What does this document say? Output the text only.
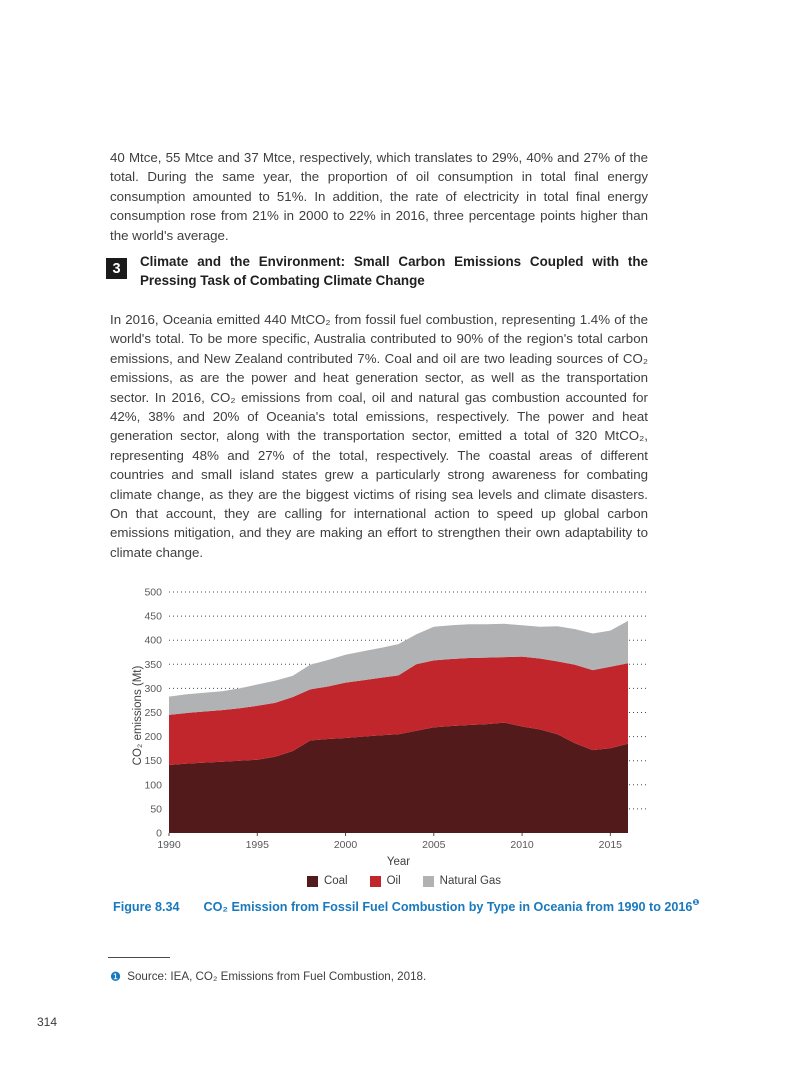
40 Mtce, 55 Mtce and 37 Mtce, respectively, which translates to 29%, 40% and 27% of the total. During the same year, the proportion of oil consumption in total final energy consumption amounted to 51%. In addition, the rate of electricity in total final energy consumption rose from 21% in 2000 to 22% in 2016, three percentage points higher than the world's average.

3	Climate and the Environment: Small Carbon Emissions Coupled with the Pressing Task of Combating Climate Change

In 2016, Oceania emitted 440 MtCO₂ from fossil fuel combustion, representing 1.4% of the world's total. To be more specific, Australia contributed to 90% of the region's total carbon emissions, and New Zealand contributed 7%. Coal and oil are two leading sources of CO₂ emissions, as are the power and heat generation sector, as well as the transportation sector. In 2016, CO₂ emissions from coal, oil and natural gas combustion accounted for 42%, 38% and 20% of Oceania's total emissions, respectively. The power and heat generation sector, along with the transportation sector, emitted a total of 320 MtCO₂, representing 48% and 27% of the total, respectively. The coastal areas of different countries and small island states grew a particularly strong awareness for combating climate change, as they are the biggest victims of rising sea levels and climate disasters. On that account, they are calling for international action to speed up global carbon emissions mitigation, and they are making an effort to strengthen their own adaptability to climate change.

0
50
100
150
200
250
300
350
400
450
500
1990	1995	2000	2005	2010	2015
Year
CO₂ emissions (Mt)
Coal	Oil	Natural Gas

Figure 8.34 CO₂ Emission from Fossil Fuel Combustion by Type in Oceania from 1990 to $2016^❶$

❶ Source: IEA, CO₂ Emissions from Fuel Combustion, 2018.

314
